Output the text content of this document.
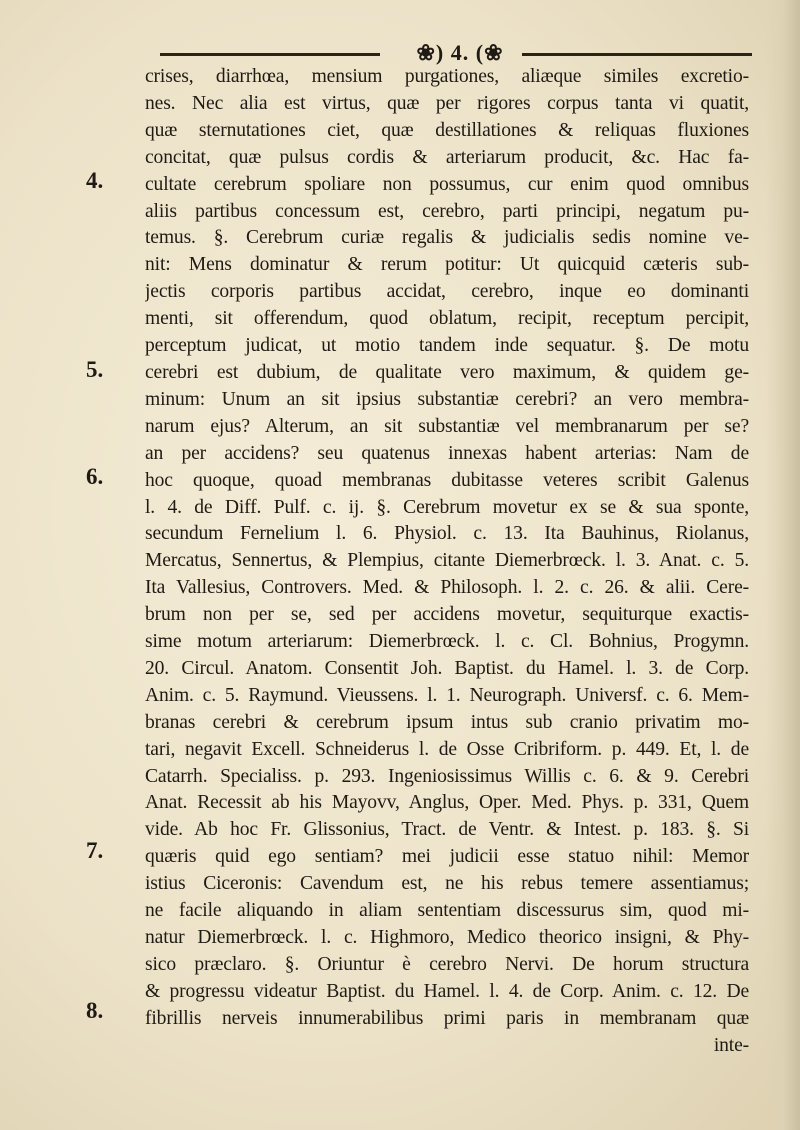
❀) 4. (❀
4.
5.
6.
7.
8.
crises, diarrhœa, mensium purgationes, aliæque similes excretio-
nes. Nec alia est virtus, quæ per rigores corpus tanta vi quatit,
quæ sternutationes ciet, quæ destillationes & reliquas fluxiones
concitat, quæ pulsus cordis & arteriarum producit, &c. Hac fa-
cultate cerebrum spoliare non possumus, cur enim quod omnibus
aliis partibus concessum est, cerebro, parti principi, negatum pu-
temus. §. Cerebrum curiæ regalis & judicialis sedis nomine ve-
nit: Mens dominatur & rerum potitur: Ut quicquid cæteris sub-
jectis corporis partibus accidat, cerebro, inque eo dominanti
menti, sit offerendum, quod oblatum, recipit, receptum percipit,
perceptum judicat, ut motio tandem inde sequatur. §. De motu
cerebri est dubium, de qualitate vero maximum, & quidem ge-
minum: Unum an sit ipsius substantiæ cerebri? an vero membra-
narum ejus? Alterum, an sit substantiæ vel membranarum per se?
an per accidens? seu quatenus innexas habent arterias: Nam de
hoc quoque, quoad membranas dubitasse veteres scribit Galenus
l. 4. de Diff. Pulf. c. ij. §. Cerebrum movetur ex se & sua sponte,
secundum Fernelium l. 6. Physiol. c. 13. Ita Bauhinus, Riolanus,
Mercatus, Sennertus, & Plempius, citante Diemerbrœck. l. 3. Anat. c. 5.
Ita Vallesius, Controvers. Med. & Philosoph. l. 2. c. 26. & alii. Cere-
brum non per se, sed per accidens movetur, sequiturque exactis-
sime motum arteriarum: Diemerbrœck. l. c. Cl. Bohnius, Progymn.
20. Circul. Anatom. Consentit Joh. Baptist. du Hamel. l. 3. de Corp.
Anim. c. 5. Raymund. Vieussens. l. 1. Neurograph. Universf. c. 6. Mem-
branas cerebri & cerebrum ipsum intus sub cranio privatim mo-
tari, negavit Excell. Schneiderus l. de Osse Cribriform. p. 449. Et, l. de
Catarrh. Specialiss. p. 293. Ingeniosissimus Willis c. 6. & 9. Cerebri
Anat. Recessit ab his Mayovv, Anglus, Oper. Med. Phys. p. 331, Quem
vide. Ab hoc Fr. Glissonius, Tract. de Ventr. & Intest. p. 183. §. Si
quæris quid ego sentiam? mei judicii esse statuo nihil: Memor
istius Ciceronis: Cavendum est, ne his rebus temere assentiamus;
ne facile aliquando in aliam sententiam discessurus sim, quod mi-
natur Diemerbrœck. l. c. Highmoro, Medico theorico insigni, & Phy-
sico præclaro. §. Oriuntur è cerebro Nervi. De horum structura
& progressu videatur Baptist. du Hamel. l. 4. de Corp. Anim. c. 12. De
fibrillis nerveis innumerabilibus primi paris in membranam quæ
inte-
